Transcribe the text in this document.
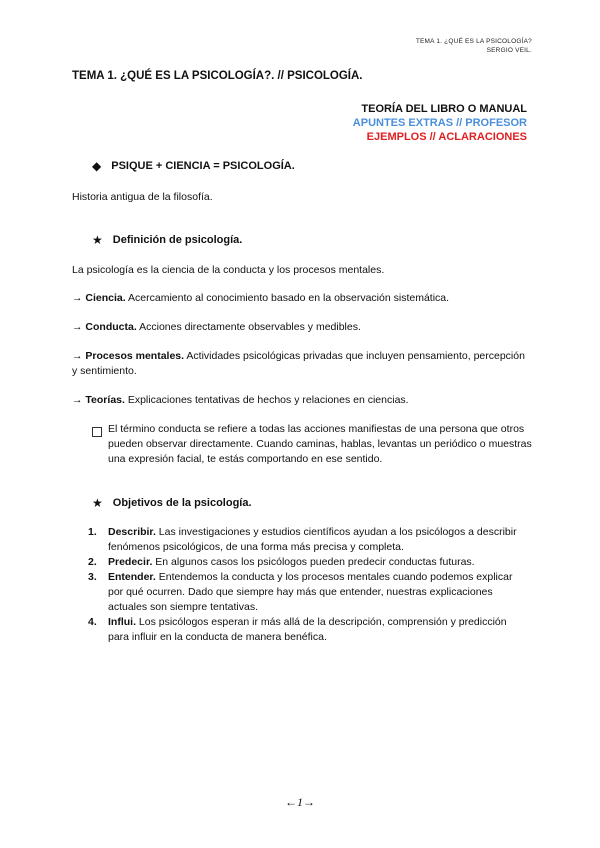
TEMA 1. ¿QUÉ ES LA PSICOLOGÍA?
SERGIO VEIL.
TEMA 1. ¿QUÉ ES LA PSICOLOGÍA?. // PSICOLOGÍA.
TEORÍA DEL LIBRO O MANUAL
APUNTES EXTRAS // PROFESOR
EJEMPLOS // ACLARACIONES
◆ PSIQUE + CIENCIA = PSICOLOGÍA.
Historia antigua de la filosofía.
★ Definición de psicología.
La psicología es la ciencia de la conducta y los procesos mentales.
→ Ciencia. Acercamiento al conocimiento basado en la observación sistemática.
→ Conducta. Acciones directamente observables y medibles.
→ Procesos mentales. Actividades psicológicas privadas que incluyen pensamiento, percepción y sentimiento.
→ Teorías. Explicaciones tentativas de hechos y relaciones en ciencias.
El término conducta se refiere a todas las acciones manifiestas de una persona que otros pueden observar directamente. Cuando caminas, hablas, levantas un periódico o muestras una expresión facial, te estás comportando en ese sentido.
★ Objetivos de la psicología.
1.	Describir. Las investigaciones y estudios científicos ayudan a los psicólogos a describir fenómenos psicológicos, de una forma más precisa y completa.
2.	Predecir. En algunos casos los psicólogos pueden predecir conductas futuras.
3.	Entender. Entendemos la conducta y los procesos mentales cuando podemos explicar por qué ocurren. Dado que siempre hay más que entender, nuestras explicaciones actuales son siempre tentativas.
4.	Influi. Los psicólogos esperan ir más allá de la descripción, comprensión y predicción para influir en la conducta de manera benéfica.
←1→
